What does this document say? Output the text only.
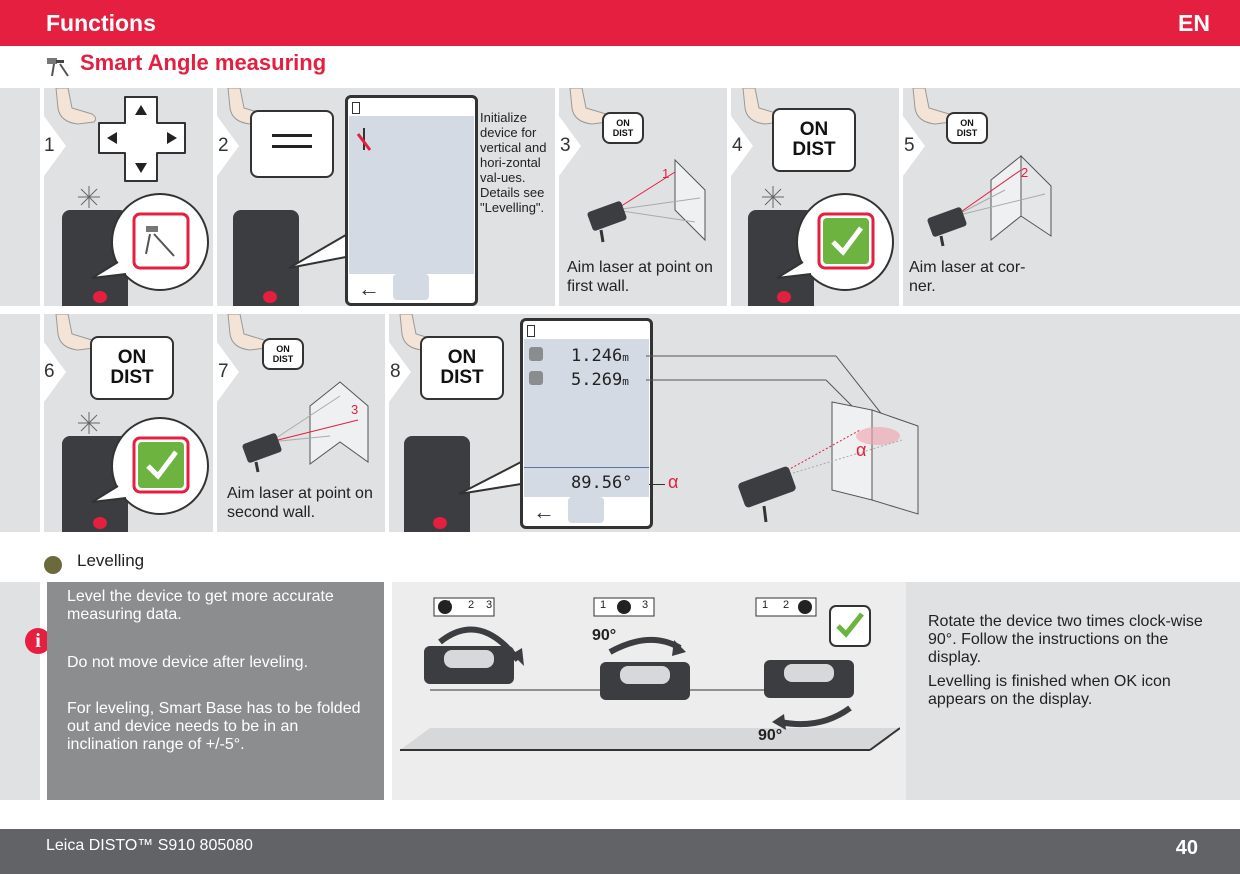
Functions	EN
Smart Angle measuring
1	2	3	4	5
6	7	8
←
Initialize device for vertical and hori-zontal val-ues. Details see "Levelling".
ON
DIST
1
Aim laser at point on first wall.
ON
DIST
ON
DIST
2
Aim laser at cor-ner.
ON
DIST
ON
DIST
3
Aim laser at point on second wall.
ON
DIST
1.246m
5.269m
89.56°
←
α
α
Levelling
i
Level the device to get more accurate measuring data.
Do not move device after leveling.
For leveling, Smart Base has to be folded out and device needs to be in an inclination range of +/-5°.
1 2 3	1	3	1 2
90°
90°
Rotate the device two times clock-wise 90°. Follow the instructions on the display.
Levelling is finished when OK icon appears on the display.
Leica DISTO™ S910 805080	40
